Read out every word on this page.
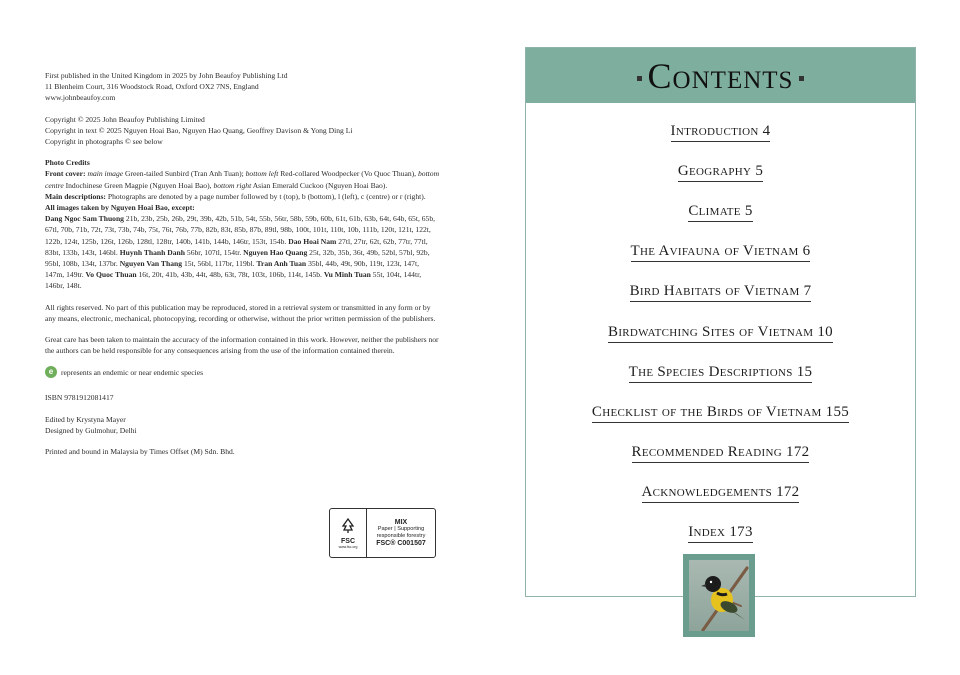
First published in the United Kingdom in 2025 by John Beaufoy Publishing Ltd

11 Blenheim Court, 316 Woodstock Road, Oxford OX2 7NS, England

www.johnbeaufoy.com

Copyright © 2025 John Beaufoy Publishing Limited

Copyright in text © 2025 Nguyen Hoai Bao, Nguyen Hao Quang, Geoffrey Davison & Yong Ding Li

Copyright in photographs © see below

Photo Credits

Front cover: main image Green-tailed Sunbird (Tran Anh Tuan); bottom left Red-collared Woodpecker (Vo Quoc Thuan), bottom centre Indochinese Green Magpie (Nguyen Hoai Bao), bottom right Asian Emerald Cuckoo (Nguyen Hoai Bao).

Main descriptions: Photographs are denoted by a page number followed by t (top), b (bottom), l (left), c (centre) or r (right).

All images taken by Nguyen Hoai Bao, except:

Dang Ngoc Sam Thuong 21b, 23b, 25b, 26b, 29t, 39b, 42b, 51b, 54t, 55b, 56tr, 58b, 59b, 60b, 61t, 61b, 63b, 64t, 64b, 65t, 65b, 67tl, 70b, 71b, 72t, 73t, 73b, 74b, 75t, 76t, 76b, 77b, 82b, 83t, 85b, 87b, 89tl, 98b, 100t, 101t, 110t, 10b, 111b, 120t, 121t, 122t, 122b, 124t, 125b, 126t, 126b, 128tl, 128tr, 140b, 141b, 144b, 146tr, 153t, 154b. Dao Hoai Nam 27tl, 27tr, 62t, 62b, 77tr, 77tl, 83bt, 133b, 143t, 146bl. Huynh Thanh Danh 56br, 107tl, 154tr. Nguyen Hao Quang 25t, 32b, 35b, 36t, 49b, 52bl, 57bl, 92b, 95bl, 108b, 134t, 137br. Nguyen Van Thang 15t, 56bl, 117br, 119bl. Tran Anh Tuan 35bl, 44b, 49t, 90b, 119t, 123t, 147t, 147m, 149tr. Vo Quoc Thuan 16t, 20t, 41b, 43b, 44t, 48b, 63t, 78t, 103t, 106b, 114t, 145b. Vu Minh Tuan 55t, 104t, 144tr, 146br, 148t.

All rights reserved. No part of this publication may be reproduced, stored in a retrieval system or transmitted in any form or by any means, electronic, mechanical, photocopying, recording or otherwise, without the prior written permission of the publishers.

Great care has been taken to maintain the accuracy of the information contained in this work. However, neither the publishers nor the authors can be held responsible for any consequences arising from the use of the information contained therein.

e	represents an endemic or near endemic species

ISBN 9781912081417

Edited by Krystyna Mayer

Designed by Gulmohur, Delhi

Printed and bound in Malaysia by Times Offset (M) Sdn. Bhd.

FSC
www.fsc.org
MIX
Paper | Supporting
responsible forestry
FSC® C001507
Contents
Introduction 4
Geography 5
Climate 5
The Avifauna of Vietnam 6
Bird Habitats of Vietnam 7
Birdwatching Sites of Vietnam 10
The Species Descriptions 15
Checklist of the Birds of Vietnam 155
Recommended Reading 172
Acknowledgements 172
Index 173
